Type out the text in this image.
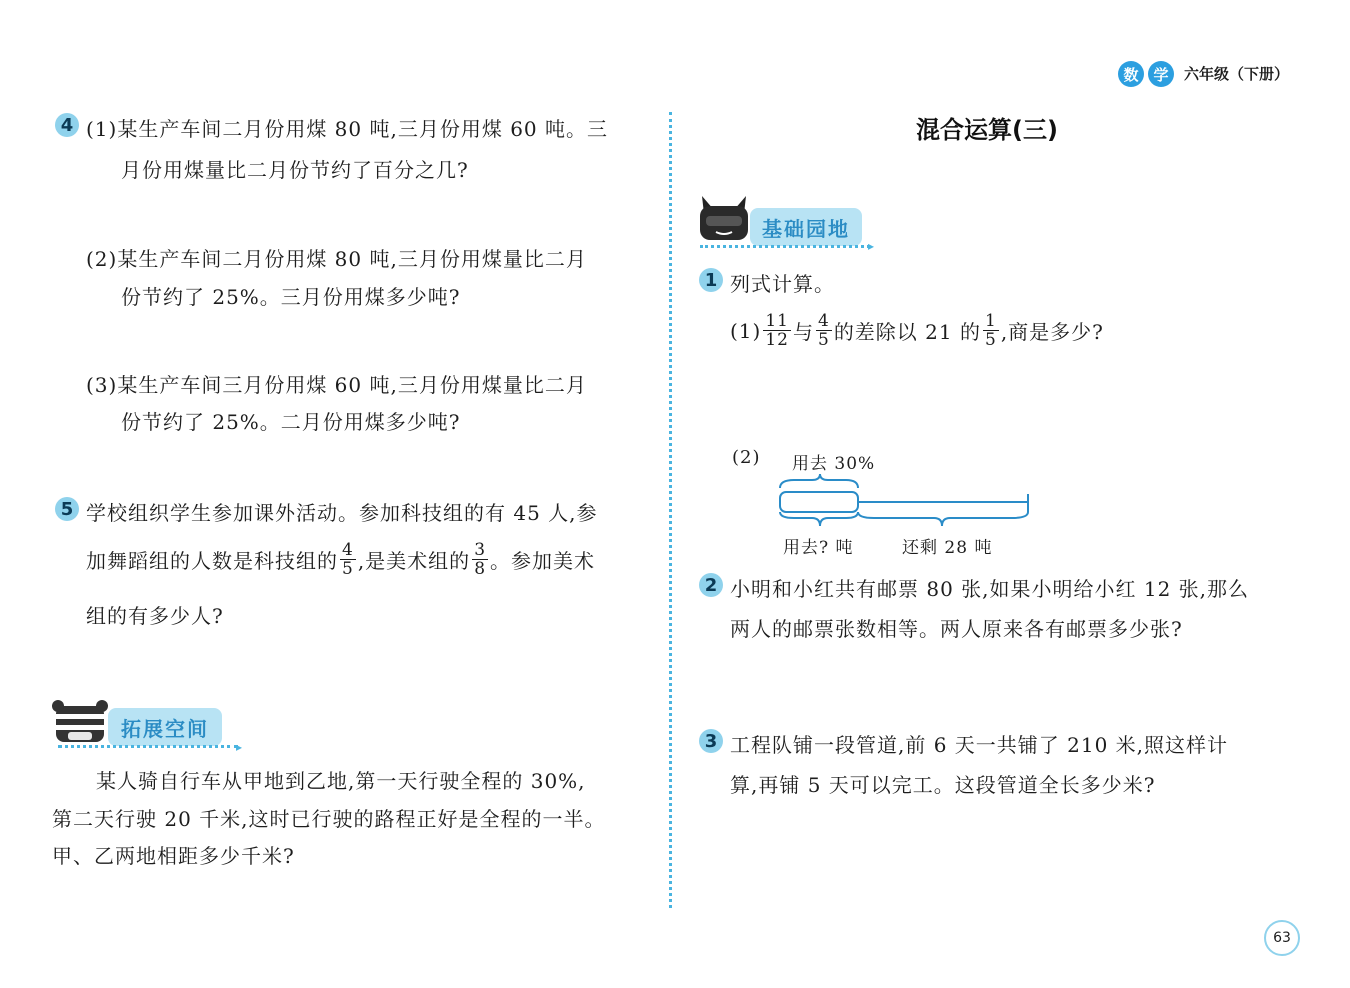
数 学 六年级（下册）
4 (1)某生产车间二月份用煤 80 吨,三月份用煤 60 吨。三
月份用煤量比二月份节约了百分之几?
(2)某生产车间二月份用煤 80 吨,三月份用煤量比二月
份节约了 25%。三月份用煤多少吨?
(3)某生产车间三月份用煤 60 吨,三月份用煤量比二月
份节约了 25%。二月份用煤多少吨?
5 学校组织学生参加课外活动。参加科技组的有 45 人,参
加舞蹈组的人数是科技组的 $\frac{4}{5}$ ,是美术组的 $\frac{3}{8}$ 。参加美术
组的有多少人?
拓展空间
▸
某人骑自行车从甲地到乙地,第一天行驶全程的 30%,
第二天行驶 20 千米,这时已行驶的路程正好是全程的一半。
甲、乙两地相距多少千米?
混合运算(三)
基础园地
▸
1 列式计算。
$(1) \frac{11}{12}$ 与 $\frac{4}{5}$ 的差除以 21 的 $\frac{1}{5}$ ,商是多少?
(2) 用去 30%
用去? 吨	还剩 28 吨
2 小明和小红共有邮票 80 张,如果小明给小红 12 张,那么
两人的邮票张数相等。两人原来各有邮票多少张?
3 工程队铺一段管道,前 6 天一共铺了 210 米,照这样计
算,再铺 5 天可以完工。这段管道全长多少米?
63
